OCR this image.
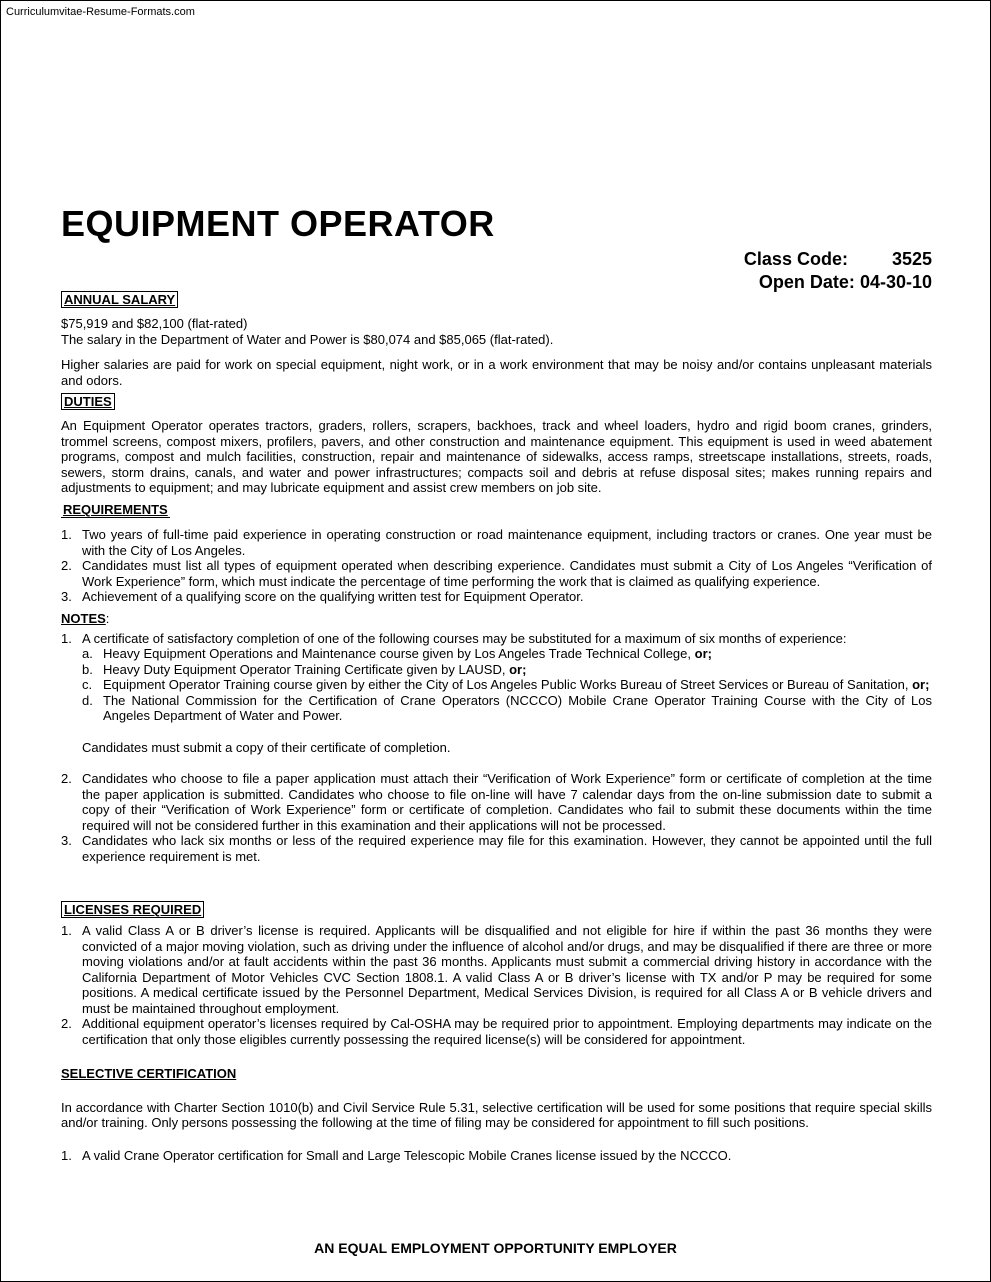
Curriculumvitae-Resume-Formats.com
EQUIPMENT OPERATOR
Class Code: 3525
Open Date: 04-30-10
ANNUAL SALARY

$75,919 and $82,100 (flat-rated)

The salary in the Department of Water and Power is $80,074 and $85,065 (flat-rated).

Higher salaries are paid for work on special equipment, night work, or in a work environment that may be noisy and/or contains unpleasant materials and odors.

DUTIES

An Equipment Operator operates tractors, graders, rollers, scrapers, backhoes, track and wheel loaders, hydro and rigid boom cranes, grinders, trommel screens, compost mixers, profilers, pavers, and other construction and maintenance equipment. This equipment is used in weed abatement programs, compost and mulch facilities, construction, repair and maintenance of sidewalks, access ramps, streetscape installations, streets, roads, sewers, storm drains, canals, and water and power infrastructures; compacts soil and debris at refuse disposal sites; makes running repairs and adjustments to equipment; and may lubricate equipment and assist crew members on job site.

REQUIREMENTS
1. Two years of full-time paid experience in operating construction or road maintenance equipment, including tractors or cranes. One year must be with the City of Los Angeles.
2. Candidates must list all types of equipment operated when describing experience. Candidates must submit a City of Los Angeles “Verification of Work Experience” form, which must indicate the percentage of time performing the work that is claimed as qualifying experience.
3. Achievement of a qualifying score on the qualifying written test for Equipment Operator.
NOTES:
1. A certificate of satisfactory completion of one of the following courses may be substituted for a maximum of six months of experience:
a. Heavy Equipment Operations and Maintenance course given by Los Angeles Trade Technical College, or;
b. Heavy Duty Equipment Operator Training Certificate given by LAUSD, or;
c. Equipment Operator Training course given by either the City of Los Angeles Public Works Bureau of Street Services or Bureau of Sanitation, or;
d. The National Commission for the Certification of Crane Operators (NCCCO) Mobile Crane Operator Training Course with the City of Los Angeles Department of Water and Power.

Candidates must submit a copy of their certificate of completion.

2. Candidates who choose to file a paper application must attach their “Verification of Work Experience” form or certificate of completion at the time the paper application is submitted. Candidates who choose to file on-line will have 7 calendar days from the on-line submission date to submit a copy of their “Verification of Work Experience” form or certificate of completion. Candidates who fail to submit these documents within the time required will not be considered further in this examination and their applications will not be processed.
3. Candidates who lack six months or less of the required experience may file for this examination. However, they cannot be appointed until the full experience requirement is met.
LICENSES REQUIRED
1. A valid Class A or B driver’s license is required. Applicants will be disqualified and not eligible for hire if within the past 36 months they were convicted of a major moving violation, such as driving under the influence of alcohol and/or drugs, and may be disqualified if there are three or more moving violations and/or at fault accidents within the past 36 months. Applicants must submit a commercial driving history in accordance with the California Department of Motor Vehicles CVC Section 1808.1. A valid Class A or B driver’s license with TX and/or P may be required for some positions. A medical certificate issued by the Personnel Department, Medical Services Division, is required for all Class A or B vehicle drivers and must be maintained throughout employment.
2. Additional equipment operator’s licenses required by Cal-OSHA may be required prior to appointment. Employing departments may indicate on the certification that only those eligibles currently possessing the required license(s) will be considered for appointment.
SELECTIVE CERTIFICATION

In accordance with Charter Section 1010(b) and Civil Service Rule 5.31, selective certification will be used for some positions that require special skills and/or training. Only persons possessing the following at the time of filing may be considered for appointment to fill such positions.

1. A valid Crane Operator certification for Small and Large Telescopic Mobile Cranes license issued by the NCCCO.
AN EQUAL EMPLOYMENT OPPORTUNITY EMPLOYER
